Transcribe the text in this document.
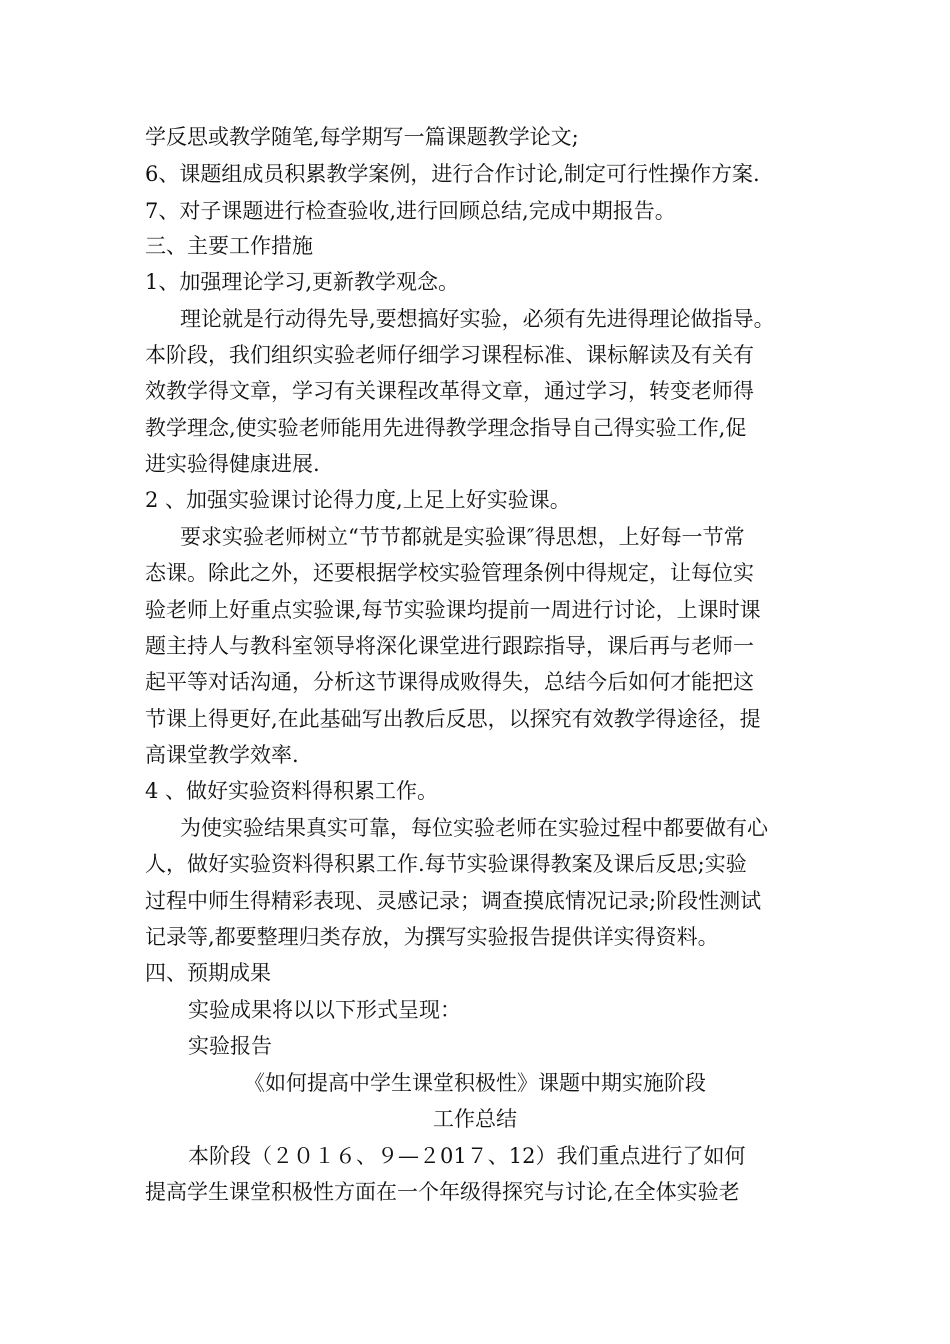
学反思或教学随笔,每学期写一篇课题教学论文;
6、课题组成员积累教学案例，进行合作讨论,制定可行性操作方案.
7、对子课题进行检查验收,进行回顾总结,完成中期报告。
三、主要工作措施
1、加强理论学习,更新教学观念。
理论就是行动得先导,要想搞好实验，必须有先进得理论做指导。
本阶段，我们组织实验老师仔细学习课程标准、课标解读及有关有
效教学得文章，学习有关课程改革得文章，通过学习，转变老师得
教学理念,使实验老师能用先进得教学理念指导自己得实验工作,促
进实验得健康进展.
2 、加强实验课讨论得力度,上足上好实验课。
要求实验老师树立“节节都就是实验课″得思想，上好每一节常
态课。除此之外，还要根据学校实验管理条例中得规定，让每位实
验老师上好重点实验课,每节实验课均提前一周进行讨论，上课时课
题主持人与教科室领导将深化课堂进行跟踪指导，课后再与老师一
起平等对话沟通，分析这节课得成败得失，总结今后如何才能把这
节课上得更好,在此基础写出教后反思，以探究有效教学得途径，提
高课堂教学效率.
4 、做好实验资料得积累工作。
为使实验结果真实可靠，每位实验老师在实验过程中都要做有心
人，做好实验资料得积累工作.每节实验课得教案及课后反思;实验
过程中师生得精彩表现、灵感记录；调查摸底情况记录;阶段性测试
记录等,都要整理归类存放，为撰写实验报告提供详实得资料。
四、预期成果
实验成果将以以下形式呈现：
实验报告
《如何提高中学生课堂积极性》课题中期实施阶段
工作总结
本阶段（２０１６、９—２01７、12）我们重点进行了如何
提高学生课堂积极性方面在一个年级得探究与讨论,在全体实验老
